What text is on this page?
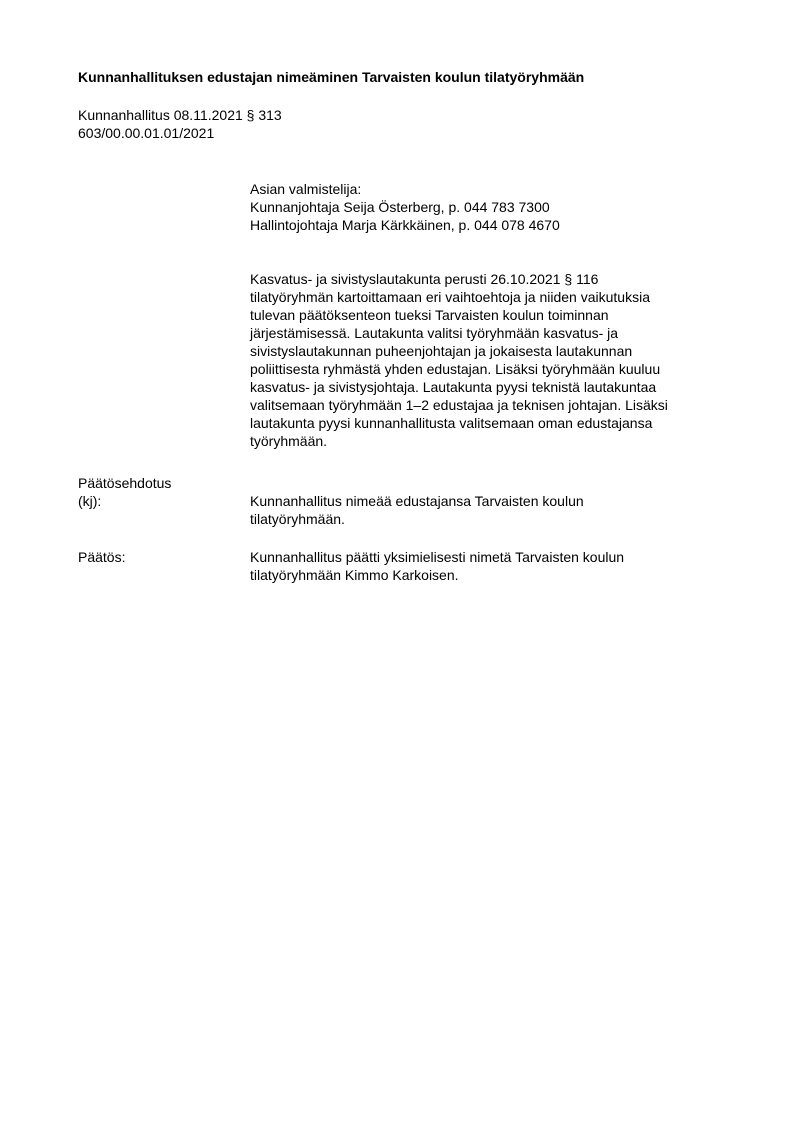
Kunnanhallituksen edustajan nimeäminen Tarvaisten koulun tilatyöryhmään
Kunnanhallitus 08.11.2021 § 313
603/00.00.01.01/2021
Asian valmistelija:
Kunnanjohtaja Seija Österberg, p. 044 783 7300
Hallintojohtaja Marja Kärkkäinen, p. 044 078 4670
Kasvatus- ja sivistyslautakunta perusti 26.10.2021 § 116
tilatyöryhmän kartoittamaan eri vaihtoehtoja ja niiden vaikutuksia
tulevan päätöksenteon tueksi Tarvaisten koulun toiminnan
järjestämisessä. Lautakunta valitsi työryhmään kasvatus- ja
sivistyslautakunnan puheenjohtajan ja jokaisesta lautakunnan
poliittisesta ryhmästä yhden edustajan. Lisäksi työryhmään kuuluu
kasvatus- ja sivistysjohtaja. Lautakunta pyysi teknistä lautakuntaa
valitsemaan työryhmään 1–2 edustajaa ja teknisen johtajan. Lisäksi
lautakunta pyysi kunnanhallitusta valitsemaan oman edustajansa
työryhmään.
Päätösehdotus
(kj):	Kunnanhallitus nimeää edustajansa Tarvaisten koulun
tilatyöryhmään.
Päätös:	Kunnanhallitus päätti yksimielisesti nimetä Tarvaisten koulun
tilatyöryhmään Kimmo Karkoisen.
